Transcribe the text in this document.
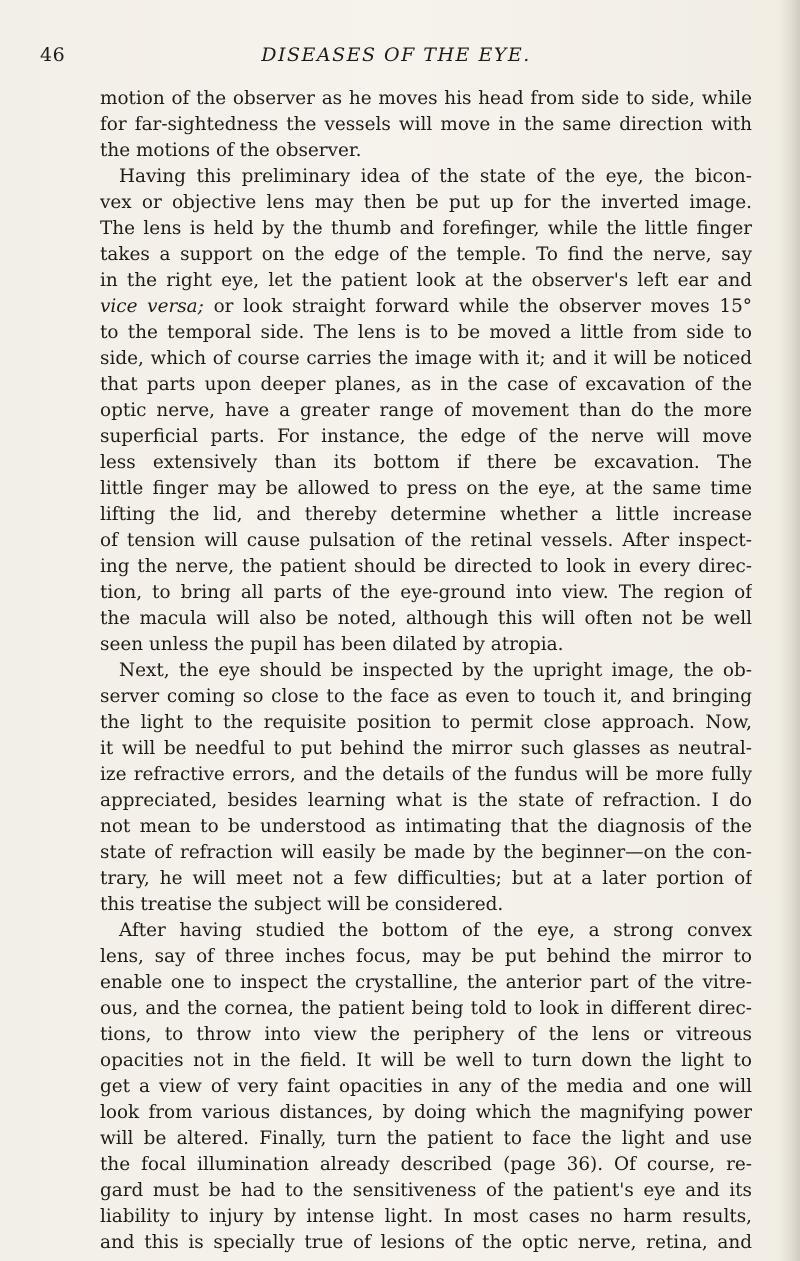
46	DISEASES OF THE EYE.
motion of the observer as he moves his head from side to side, while
for far-sightedness the vessels will move in the same direction with
the motions of the observer.
Having this preliminary idea of the state of the eye, the bicon-
vex or objective lens may then be put up for the inverted image.
The lens is held by the thumb and forefinger, while the little finger
takes a support on the edge of the temple. To find the nerve, say
in the right eye, let the patient look at the observer's left ear and
vice versa; or look straight forward while the observer moves 15°
to the temporal side. The lens is to be moved a little from side to
side, which of course carries the image with it; and it will be noticed
that parts upon deeper planes, as in the case of excavation of the
optic nerve, have a greater range of movement than do the more
superficial parts. For instance, the edge of the nerve will move
less extensively than its bottom if there be excavation. The
little finger may be allowed to press on the eye, at the same time
lifting the lid, and thereby determine whether a little increase
of tension will cause pulsation of the retinal vessels. After inspect-
ing the nerve, the patient should be directed to look in every direc-
tion, to bring all parts of the eye-ground into view. The region of
the macula will also be noted, although this will often not be well
seen unless the pupil has been dilated by atropia.
Next, the eye should be inspected by the upright image, the ob-
server coming so close to the face as even to touch it, and bringing
the light to the requisite position to permit close approach. Now,
it will be needful to put behind the mirror such glasses as neutral-
ize refractive errors, and the details of the fundus will be more fully
appreciated, besides learning what is the state of refraction. I do
not mean to be understood as intimating that the diagnosis of the
state of refraction will easily be made by the beginner—on the con-
trary, he will meet not a few difficulties; but at a later portion of
this treatise the subject will be considered.
After having studied the bottom of the eye, a strong convex
lens, say of three inches focus, may be put behind the mirror to
enable one to inspect the crystalline, the anterior part of the vitre-
ous, and the cornea, the patient being told to look in different direc-
tions, to throw into view the periphery of the lens or vitreous
opacities not in the field. It will be well to turn down the light to
get a view of very faint opacities in any of the media and one will
look from various distances, by doing which the magnifying power
will be altered. Finally, turn the patient to face the light and use
the focal illumination already described (page 36). Of course, re-
gard must be had to the sensitiveness of the patient's eye and its
liability to injury by intense light. In most cases no harm results,
and this is specially true of lesions of the optic nerve, retina, and
